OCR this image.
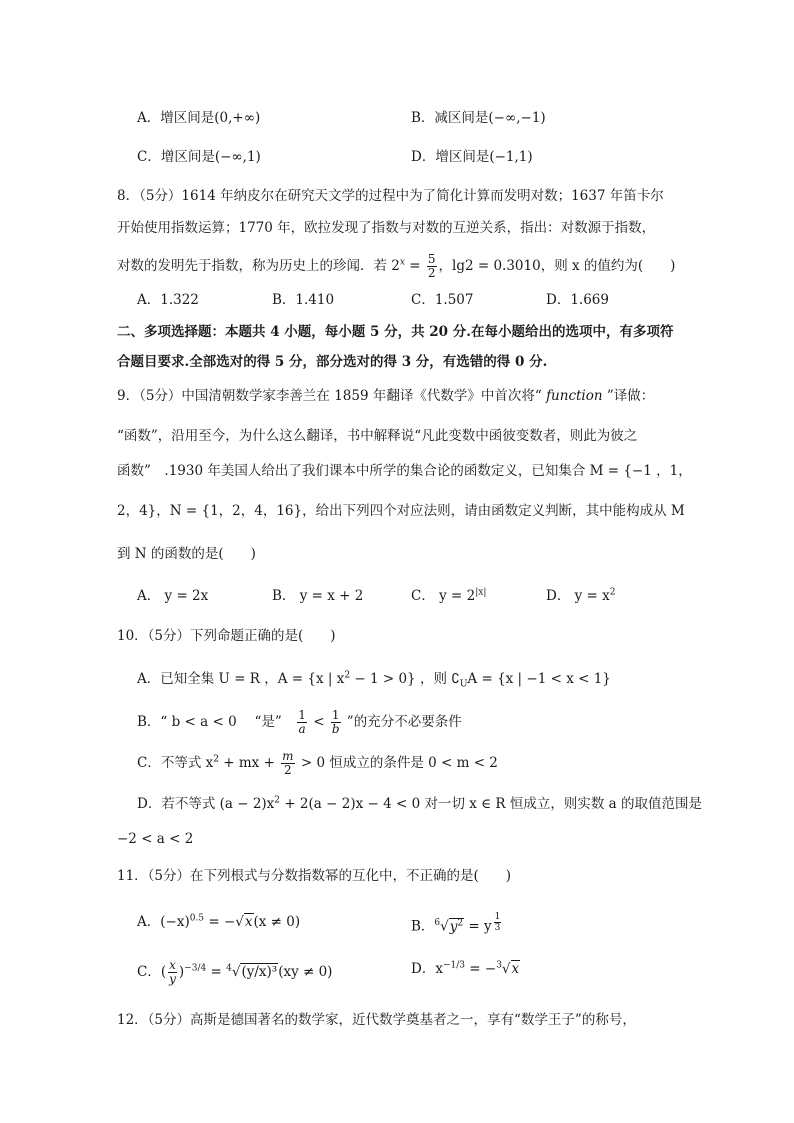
A．增区间是(0,+∞)	B．减区间是(−∞,−1)
C．增区间是(−∞,1)	D．增区间是(−1,1)
8．（5分）1614 年纳皮尔在研究天文学的过程中为了简化计算而发明对数；1637 年笛卡尔
开始使用指数运算；1770 年，欧拉发现了指数与对数的互逆关系，指出：对数源于指数，
对数的发明先于指数，称为历史上的珍闻．若 $2^x = \frac{5}{2}$ ，lg2 = 0.3010，则 x 的值约为(　　)
A．1.322	B．1.410	C．1.507	D．1.669
二、多项选择题：本题共 4 小题，每小题 5 分，共 20 分.在每小题给出的选项中，有多项符
合题目要求.全部选对的得 5 分，部分选对的得 3 分，有选错的得 0 分.
9．（5分）中国清朝数学家李善兰在 1859 年翻译《代数学》中首次将“ function ”译做：
“函数”，沿用至今，为什么这么翻译，书中解释说“凡此变数中函彼变数者，则此为彼之
函数”　.1930 年美国人给出了我们课本中所学的集合论的函数定义，已知集合 M = {−1 ，1，
2，4}，N = {1，2，4，16}，给出下列四个对应法则，请由函数定义判断，其中能构成从 M
到 N 的函数的是(　　)
A． y = 2x	B． y = x + 2	C． $y = 2^{|x|}$	D． $y = x^2$
10．（5分）下列命题正确的是(　　)
A．已知全集 U = R ，A = {x | $x^2 - 1 > 0$} ，则 $∁_UA = \{x$ | −1 < x < 1}
B．“ b < a < 0 　“是”　 $\frac{1}{a} < \frac{1}{b}$ ”的充分不必要条件
C．不等式 $x^2$ + mx + $\frac{m}{2} > 0$ 恒成立的条件是 0 < m < 2
D．若不等式 $(a - 2)x^2 + 2(a - 2)x - 4 < 0$ 对一切 x ∈ R 恒成立，则实数 a 的取值范围是
−2 < a < 2
11．（5分）在下列根式与分数指数幂的互化中，不正确的是(　　)
A．$(-x)^{0.5} = -√x(x \ne 0)$	B．$^6√y^2 = y$ $^{\frac{1}{3}}$
C．( $\frac{x}{y} )^{-3/4} = ^4√(y/x)^3(xy \ne 0)$	D．$x^{-1/3} = -^3√x$
12．（5分）高斯是德国著名的数学家，近代数学奠基者之一，享有“数学王子”的称号，
